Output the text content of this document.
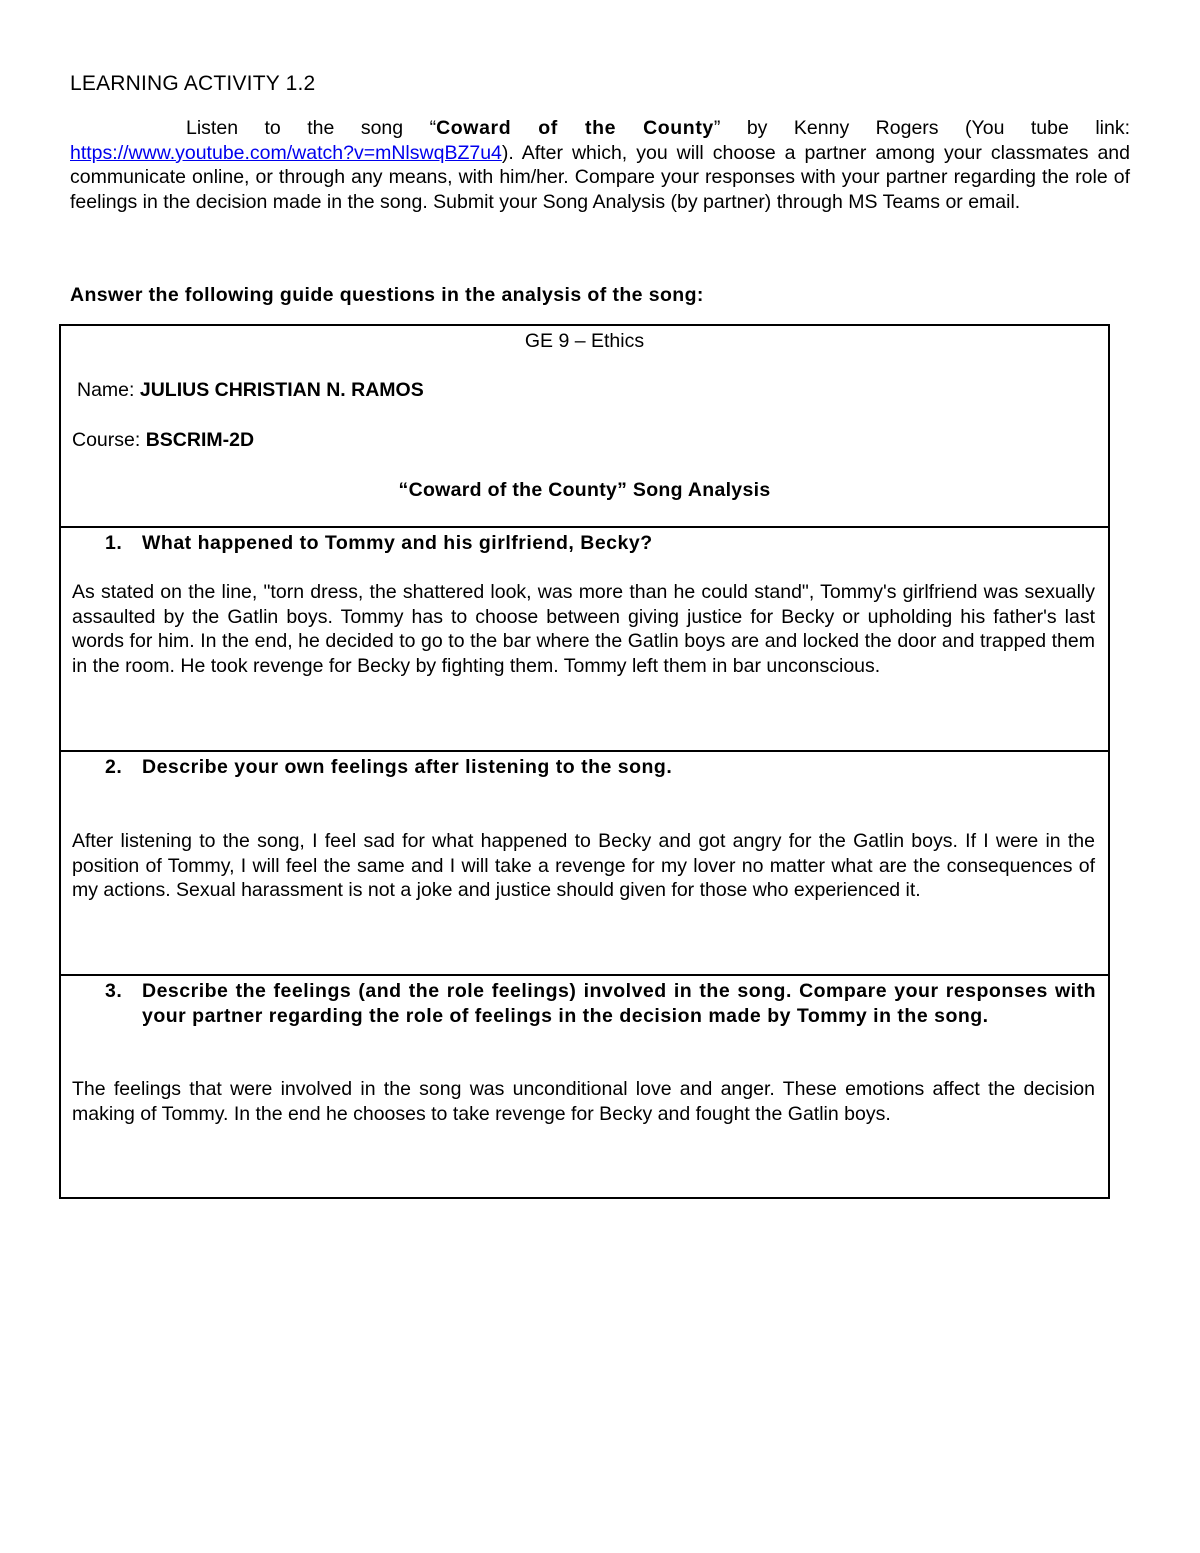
LEARNING ACTIVITY 1.2
Listen to the song “Coward of the County” by Kenny Rogers (You tube link: https://www.youtube.com/watch?v=mNlswqBZ7u4). After which, you will choose a partner among your classmates and communicate online, or through any means, with him/her. Compare your responses with your partner regarding the role of feelings in the decision made in the song. Submit your Song Analysis (by partner) through MS Teams or email.
Answer the following guide questions in the analysis of the song:
GE 9 – Ethics
Name: JULIUS CHRISTIAN N. RAMOS
Course: BSCRIM-2D
“Coward of the County” Song Analysis
1. What happened to Tommy and his girlfriend, Becky?
As stated on the line, "torn dress, the shattered look, was more than he could stand", Tommy's girlfriend was sexually assaulted by the Gatlin boys. Tommy has to choose between giving justice for Becky or upholding his father's last words for him. In the end, he decided to go to the bar where the Gatlin boys are and locked the door and trapped them in the room. He took revenge for Becky by fighting them. Tommy left them in bar unconscious.
2. Describe your own feelings after listening to the song.
After listening to the song, I feel sad for what happened to Becky and got angry for the Gatlin boys. If I were in the position of Tommy, I will feel the same and I will take a revenge for my lover no matter what are the consequences of my actions. Sexual harassment is not a joke and justice should given for those who experienced it.
3. Describe the feelings (and the role feelings) involved in the song. Compare your responses with your partner regarding the role of feelings in the decision made by Tommy in the song.
The feelings that were involved in the song was unconditional love and anger. These emotions affect the decision making of Tommy. In the end he chooses to take revenge for Becky and fought the Gatlin boys.
